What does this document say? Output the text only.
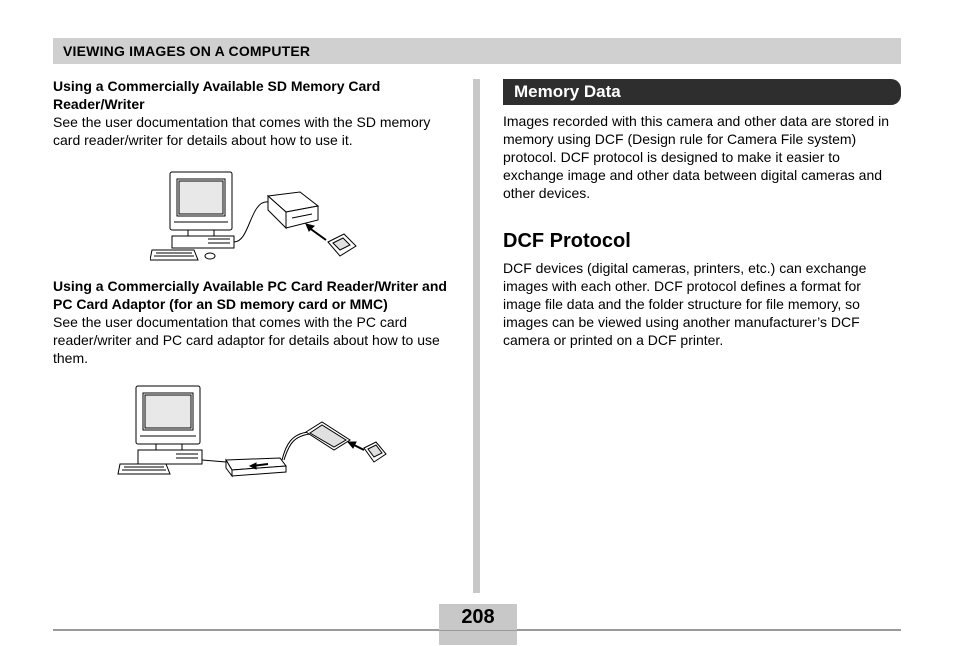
VIEWING IMAGES ON A COMPUTER

Using a Commercially Available SD Memory Card Reader/Writer

See the user documentation that comes with the SD memory card reader/writer for details about how to use it.

Using a Commercially Available PC Card Reader/Writer and PC Card Adaptor (for an SD memory card or MMC)

See the user documentation that comes with the PC card reader/writer and PC card adaptor for details about how to use them.

Memory Data

Images recorded with this camera and other data are stored in memory using DCF (Design rule for Camera File system) protocol. DCF protocol is designed to make it easier to exchange image and other data between digital cameras and other devices.

DCF Protocol

DCF devices (digital cameras, printers, etc.) can exchange images with each other. DCF protocol defines a format for image file data and the folder structure for file memory, so images can be viewed using another manufacturer’s DCF camera or printed on a DCF printer.

208
